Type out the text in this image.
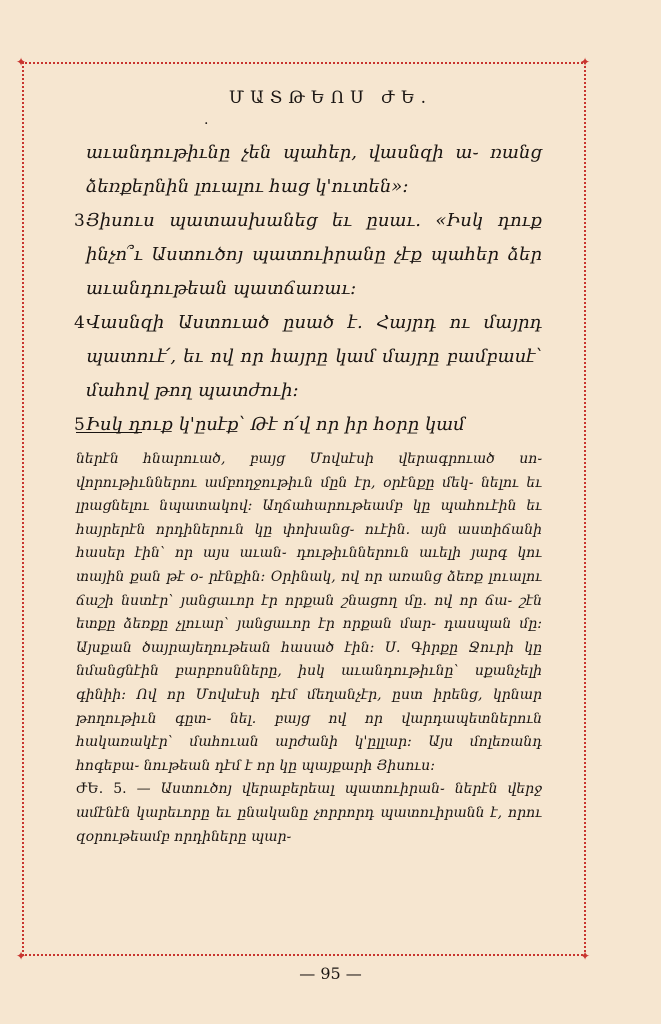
✦	✦
✦	✦
ՄԱՏԹԵՈՍ ԺԵ.
.

աւանդութիւնը չեն պահեր, վասնզի ա֊ ռանց ձեռքերնին լուալու հաց կ'ուտեն»։

3 Յիսուս պատասխանեց եւ ըսաւ. «Իսկ դուք ինչո՞ւ Աստուծոյ պատուիրանը չէք պահեր ձեր աւանդութեան պատճառաւ։

4 Վասնզի Աստուած ըսած է. Հայրդ ու մայրդ պատուէ՛, եւ ով որ հայրը կամ մայրը բամբասէ՝ մահով թող պատժուի։

5 Իսկ դուք կ'ըսէք՝ Թէ ո՛վ որ իր հօրը կամ

ներէն հնարուած, բայց Մովսէսի վերագրուած սո֊ վորութիւններու ամբողջութիւն մըն էր, օրէնքը մեկ֊ նելու եւ լրացնելու նպատակով։ Աղճահարութեամբ կը պահուէին եւ հայրերէն որդիներուն կը փոխանց֊ ուէին. այն աստիճանի հասեր էին՝ որ այս աւան֊ դութիւններուն աւելի յարգ կու տային քան թէ օ֊ րէնքին։ Օրինակ, ով որ առանց ձեռք լուալու ճաշի նստէր՝ յանցաւոր էր որքան շնացող մը. ով որ ճա֊ շէն ետքը ձեռքը չլուար՝ յանցաւոր էր որքան մար֊ դասպան մը։ Այսքան ծայրայեղութեան հասած էին։ Ս. Գիրքը Ջուրի կը նմանցնէին բարբոսնները, իսկ աւանդութիւնը՝ սքանչելի գինիի։ Ով որ Մովսէսի դէմ մեղանչէր, ըստ իրենց, կրնար թողութիւն գըտ֊ նել. բայց ով որ վարդապետներուն հակառակէր՝ մահուան արժանի կ'ըլլար։ Այս մոլեռանդ հոգեբա֊ նութեան դէմ է որ կը պայքարի Յիսուս։

ԺԵ. 5. — Աստուծոյ վերաբերեալ պատուիրան֊ ներէն վերջ ամէնէն կարեւորը եւ ընականը չորրորդ պատուիրանն է, որու զօրութեամբ որդիները պար֊

— 95 —
